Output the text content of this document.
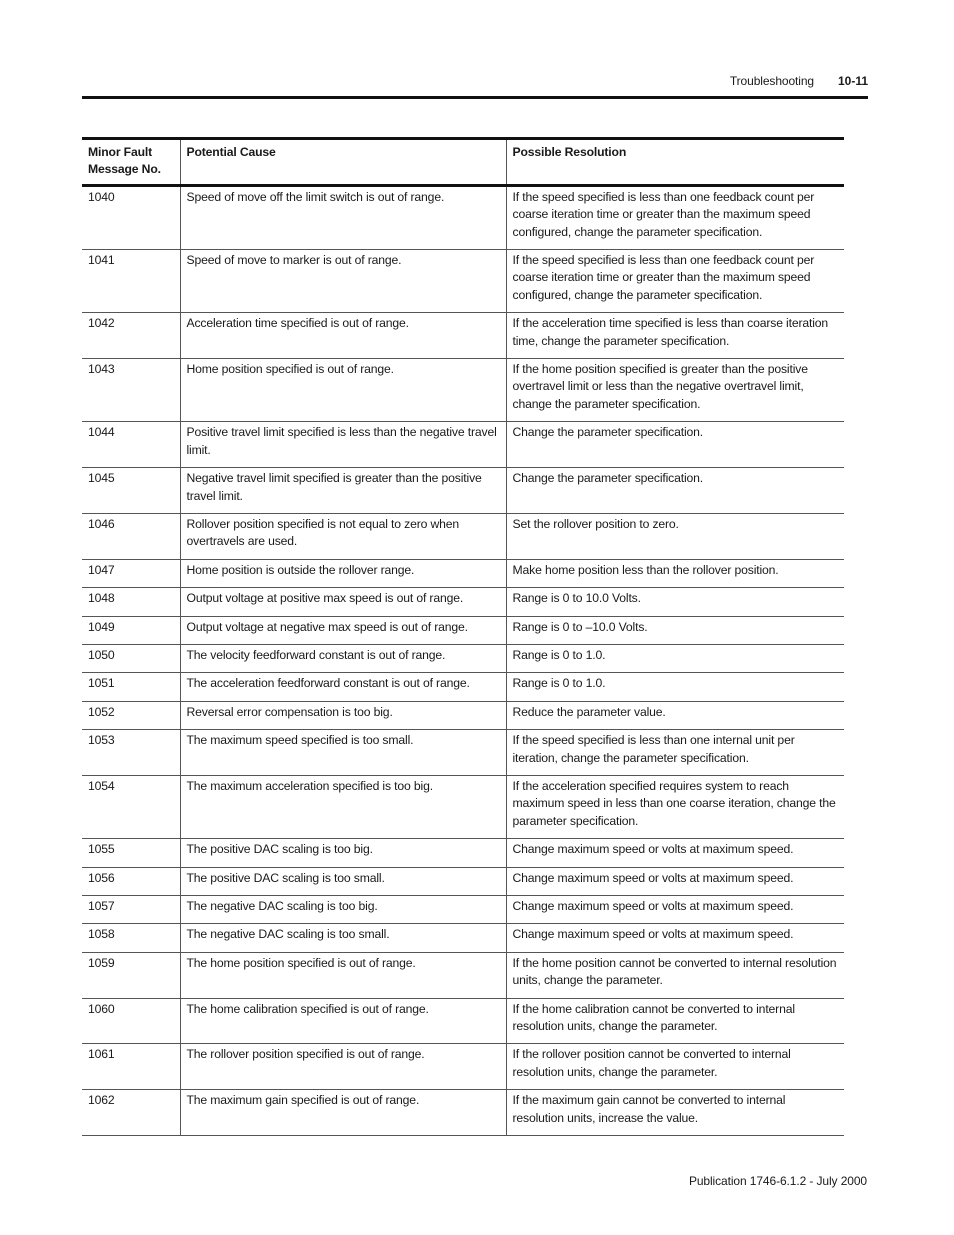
Troubleshooting 10-11
Minor Fault Message No.	Potential Cause	Possible Resolution
1040	Speed of move off the limit switch is out of range.	If the speed specified is less than one feedback count per coarse iteration time or greater than the maximum speed configured, change the parameter specification.
1041	Speed of move to marker is out of range.	If the speed specified is less than one feedback count per coarse iteration time or greater than the maximum speed configured, change the parameter specification.
1042	Acceleration time specified is out of range.	If the acceleration time specified is less than coarse iteration time, change the parameter specification.
1043	Home position specified is out of range.	If the home position specified is greater than the positive overtravel limit or less than the negative overtravel limit, change the parameter specification.
1044	Positive travel limit specified is less than the negative travel limit.	Change the parameter specification.
1045	Negative travel limit specified is greater than the positive travel limit.	Change the parameter specification.
1046	Rollover position specified is not equal to zero when overtravels are used.	Set the rollover position to zero.
1047	Home position is outside the rollover range.	Make home position less than the rollover position.
1048	Output voltage at positive max speed is out of range.	Range is 0 to 10.0 Volts.
1049	Output voltage at negative max speed is out of range.	Range is 0 to –10.0 Volts.
1050	The velocity feedforward constant is out of range.	Range is 0 to 1.0.
1051	The acceleration feedforward constant is out of range.	Range is 0 to 1.0.
1052	Reversal error compensation is too big.	Reduce the parameter value.
1053	The maximum speed specified is too small.	If the speed specified is less than one internal unit per iteration, change the parameter specification.
1054	The maximum acceleration specified is too big.	If the acceleration specified requires system to reach maximum speed in less than one coarse iteration, change the parameter specification.
1055	The positive DAC scaling is too big.	Change maximum speed or volts at maximum speed.
1056	The positive DAC scaling is too small.	Change maximum speed or volts at maximum speed.
1057	The negative DAC scaling is too big.	Change maximum speed or volts at maximum speed.
1058	The negative DAC scaling is too small.	Change maximum speed or volts at maximum speed.
1059	The home position specified is out of range.	If the home position cannot be converted to internal resolution units, change the parameter.
1060	The home calibration specified is out of range.	If the home calibration cannot be converted to internal resolution units, change the parameter.
1061	The rollover position specified is out of range.	If the rollover position cannot be converted to internal resolution units, change the parameter.
1062	The maximum gain specified is out of range.	If the maximum gain cannot be converted to internal resolution units, increase the value.
Publication 1746-6.1.2 - July 2000
